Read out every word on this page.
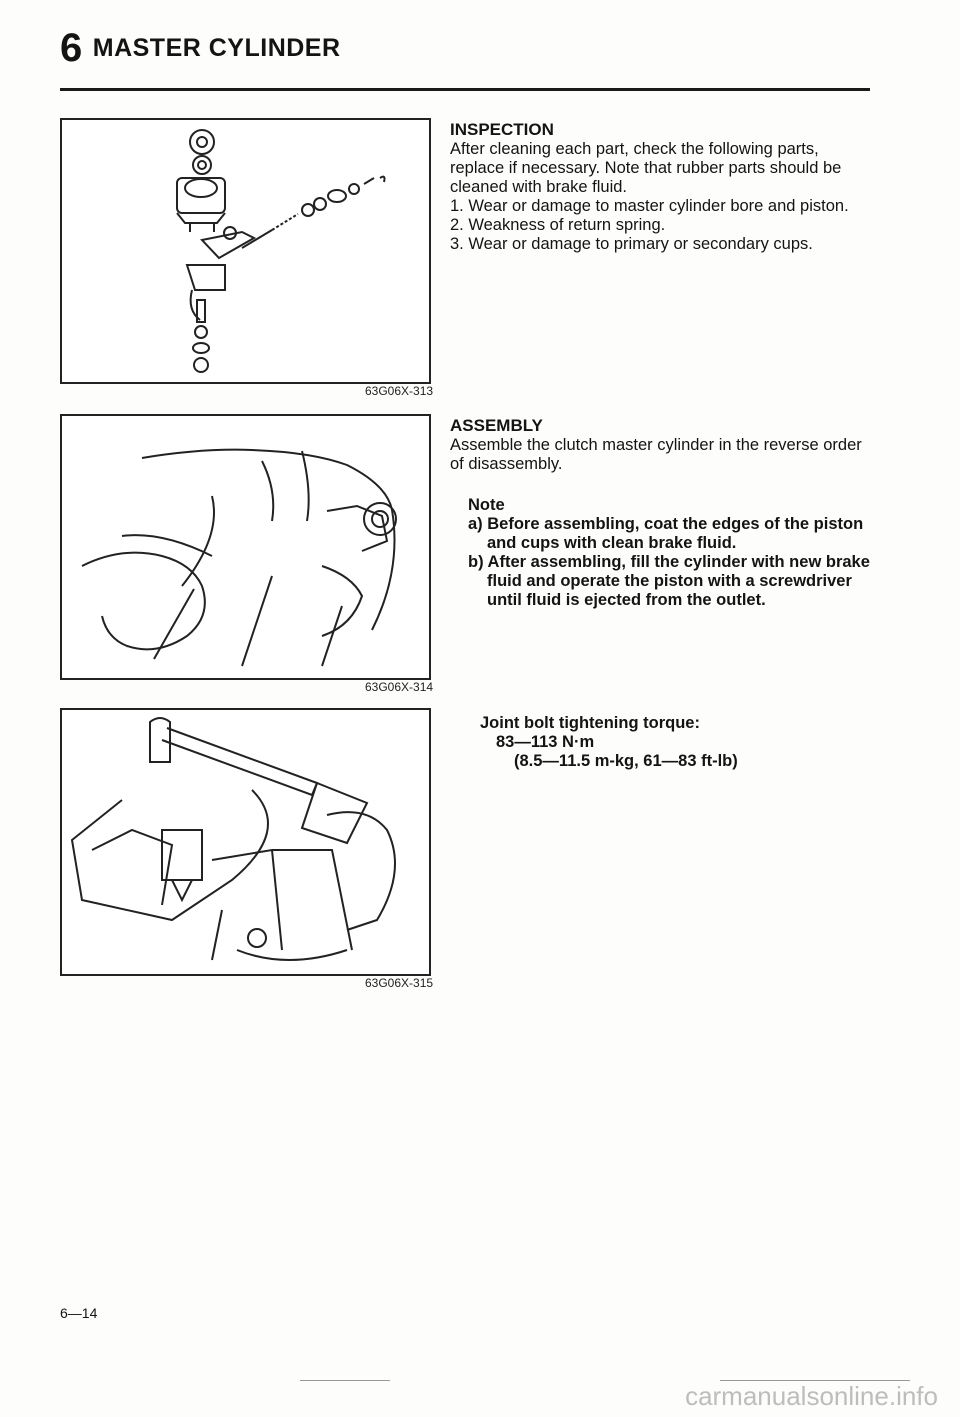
6 MASTER CYLINDER
63G06X-313
63G06X-314
63G06X-315
INSPECTION
After cleaning each part, check the following parts, replace if necessary. Note that rubber parts should be cleaned with brake fluid.
1. Wear or damage to master cylinder bore and piston.
2. Weakness of return spring.
3. Wear or damage to primary or secondary cups.
ASSEMBLY
Assemble the clutch master cylinder in the reverse order of disassembly.
Note
a) Before assembling, coat the edges of the piston and cups with clean brake fluid.
b) After assembling, fill the cylinder with new brake fluid and operate the piston with a screwdriver until fluid is ejected from the outlet.
Joint bolt tightening torque:
83—113 N·m
(8.5—11.5 m-kg, 61—83 ft-lb)
6—14
carmanualsonline.info
